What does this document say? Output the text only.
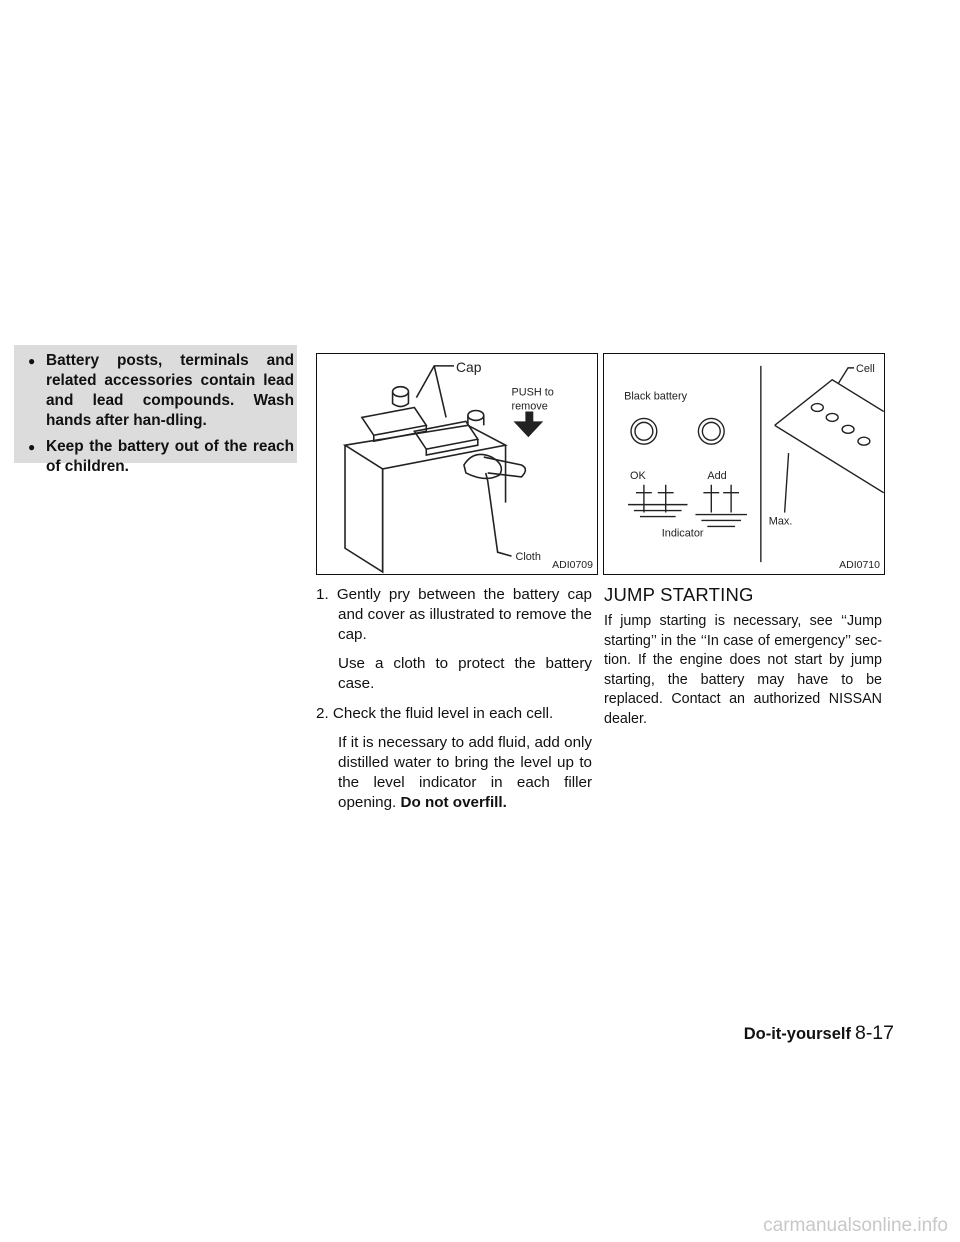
● Battery posts, terminals and related accessories contain lead and lead compounds. Wash hands after han-dling.
● Keep the battery out of the reach of children.
Cap
PUSH to
remove
Cloth
ADI0709
Black battery
OK	Add
Indicator
Cell
Max.
ADI0710
1. Gently pry between the battery cap and cover as illustrated to remove the cap.
Use a cloth to protect the battery case.
2. Check the fluid level in each cell.
If it is necessary to add fluid, add only distilled water to bring the level up to the level indicator in each filler opening. Do not overfill.
JUMP STARTING

If jump starting is necessary, see ‘‘Jump starting’’ in the ‘‘In case of emergency’’ sec-tion. If the engine does not start by jump starting, the battery may have to be replaced. Contact an authorized NISSAN dealer.

Do-it-yourself 8-17
carmanualsonline.info
